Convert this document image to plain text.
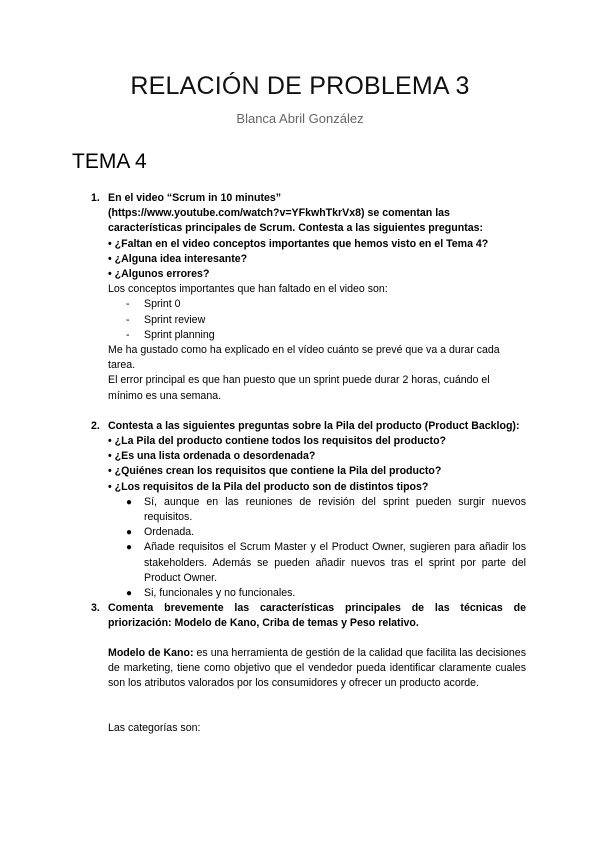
RELACIÓN DE PROBLEMA 3
Blanca Abril González
TEMA 4
1. En el video “Scrum in 10 minutes”
(https://www.youtube.com/watch?v=YFkwhTkrVx8) se comentan las
características principales de Scrum. Contesta a las siguientes preguntas:
• ¿Faltan en el video conceptos importantes que hemos visto en el Tema 4?
• ¿Alguna idea interesante?
• ¿Algunos errores?
Los conceptos importantes que han faltado en el video son:
- Sprint 0
- Sprint review
- Sprint planning
Me ha gustado como ha explicado en el vídeo cuánto se prevé que va a durar cada tarea.
El error principal es que han puesto que un sprint puede durar 2 horas, cuándo el mínimo es una semana.
2. Contesta a las siguientes preguntas sobre la Pila del producto (Product Backlog):
• ¿La Pila del producto contiene todos los requisitos del producto?
• ¿Es una lista ordenada o desordenada?
• ¿Quiénes crean los requisitos que contiene la Pila del producto?
• ¿Los requisitos de la Pila del producto son de distintos tipos?
● Sí, aunque en las reuniones de revisión del sprint pueden surgir nuevos requisitos.
● Ordenada.
● Añade requisitos el Scrum Master y el Product Owner, sugieren para añadir los stakeholders. Además se pueden añadir nuevos tras el sprint por parte del Product Owner.
● Si, funcionales y no funcionales.
3. Comenta brevemente las características principales de las técnicas de priorización: Modelo de Kano, Criba de temas y Peso relativo.
Modelo de Kano: es una herramienta de gestión de la calidad que facilita las decisiones de marketing, tiene como objetivo que el vendedor pueda identificar claramente cuales son los atributos valorados por los consumidores y ofrecer un producto acorde.
Las categorías son:
